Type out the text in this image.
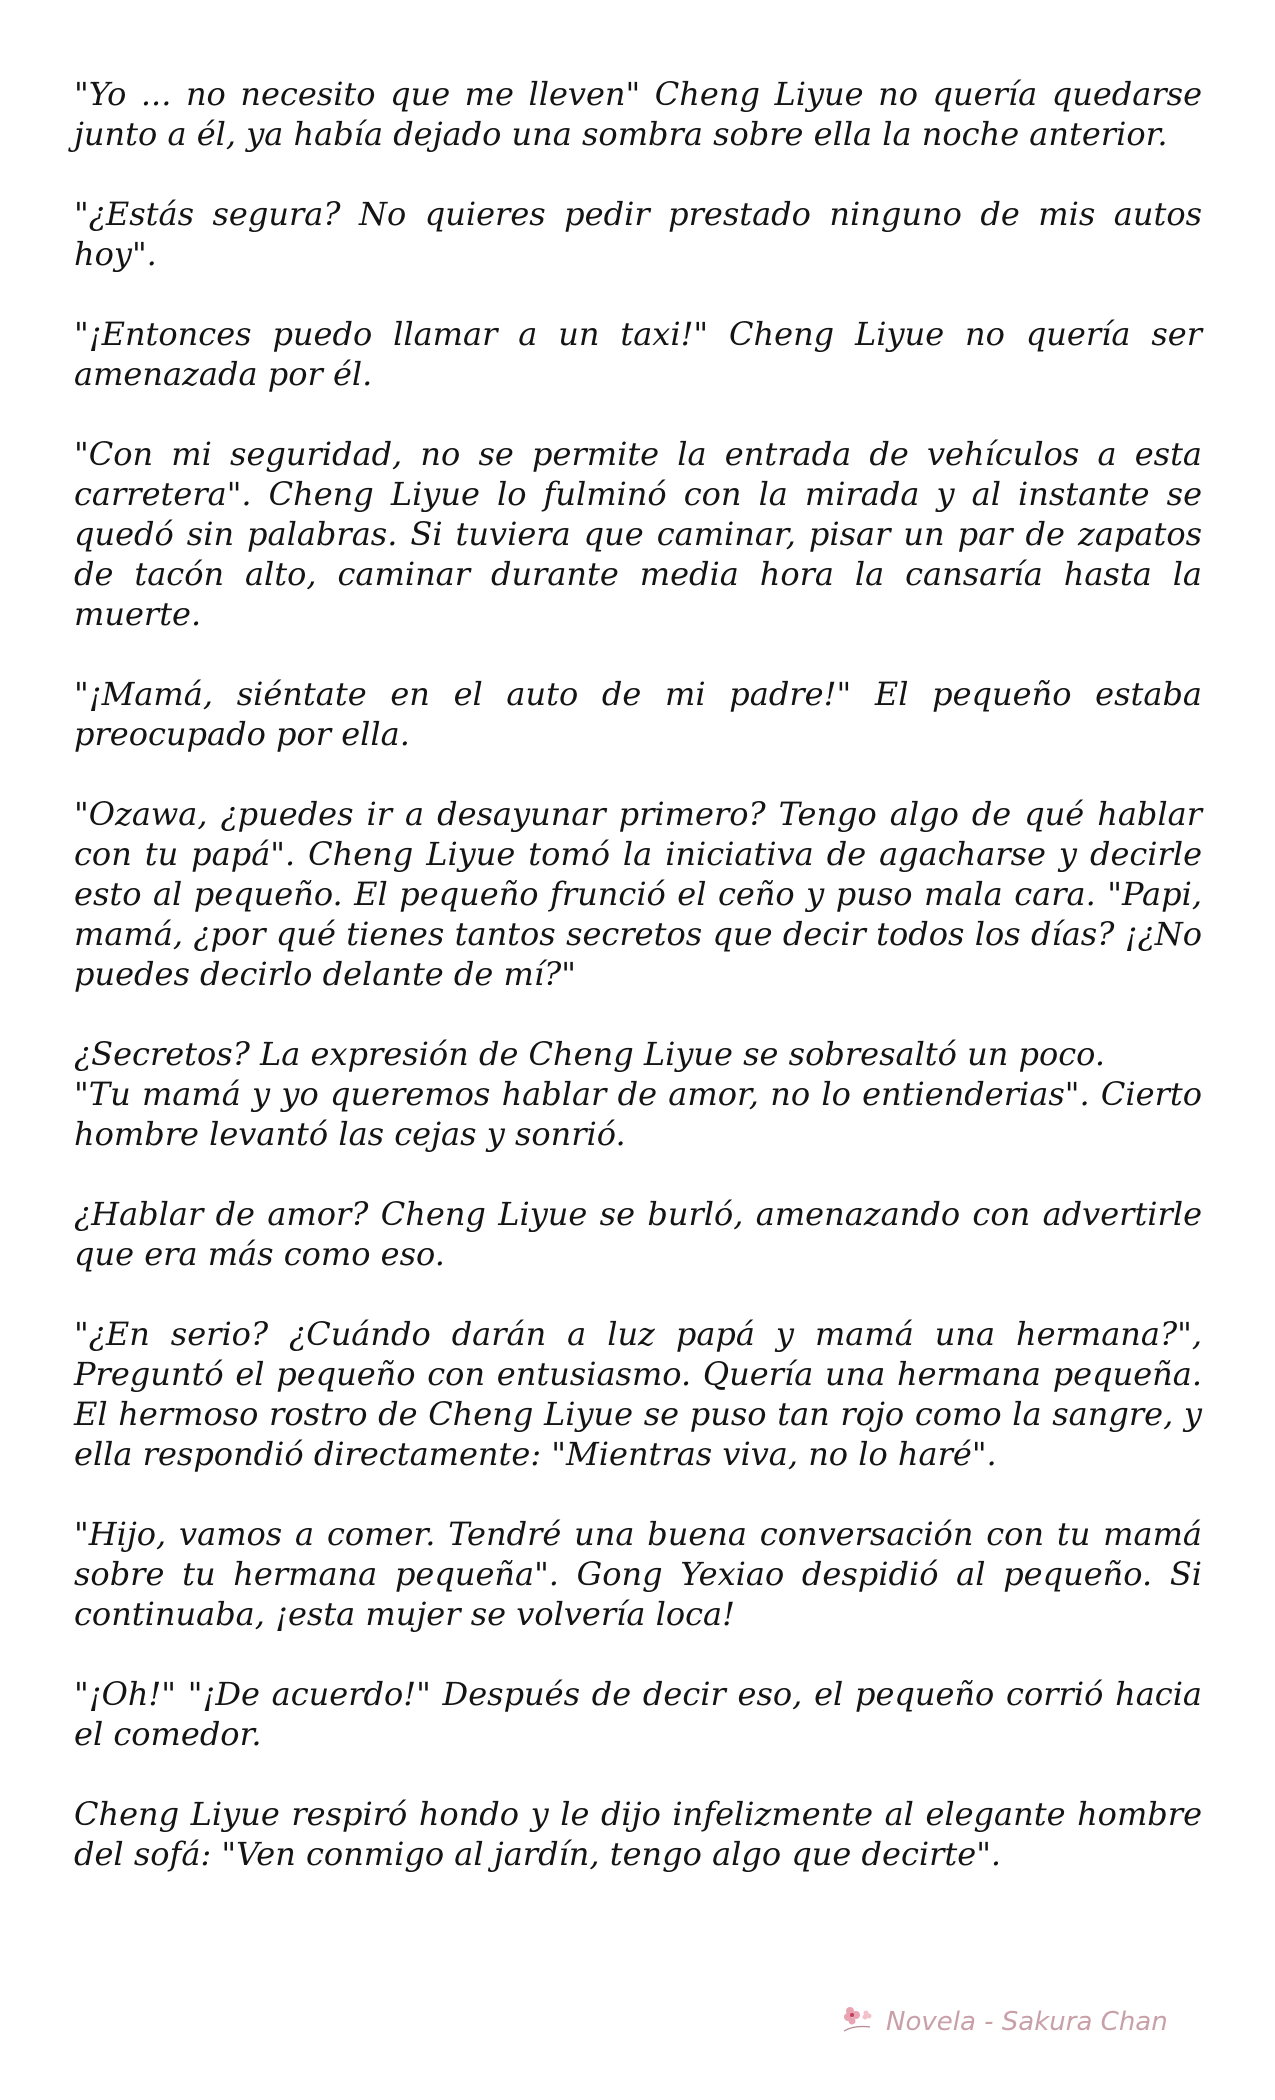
"Yo ... no necesito que me lleven" Cheng Liyue no quería quedarse junto a él, ya había dejado una sombra sobre ella la noche anterior.

"¿Estás segura? No quieres pedir prestado ninguno de mis autos hoy".

"¡Entonces puedo llamar a un taxi!" Cheng Liyue no quería ser amenazada por él.

"Con mi seguridad, no se permite la entrada de vehículos a esta carretera". Cheng Liyue lo fulminó con la mirada y al instante se quedó sin palabras. Si tuviera que caminar, pisar un par de zapatos de tacón alto, caminar durante media hora la cansaría hasta la muerte.

"¡Mamá, siéntate en el auto de mi padre!" El pequeño estaba preocupado por ella.

"Ozawa, ¿puedes ir a desayunar primero? Tengo algo de qué hablar con tu papá". Cheng Liyue tomó la iniciativa de agacharse y decirle esto al pequeño. El pequeño frunció el ceño y puso mala cara. "Papi, mamá, ¿por qué tienes tantos secretos que decir todos los días? ¡¿No puedes decirlo delante de mí?"

¿Secretos? La expresión de Cheng Liyue se sobresaltó un poco.
"Tu mamá y yo queremos hablar de amor, no lo entienderias". Cierto hombre levantó las cejas y sonrió.

¿Hablar de amor? Cheng Liyue se burló, amenazando con advertirle que era más como eso.

"¿En serio? ¿Cuándo darán a luz papá y mamá una hermana?", Preguntó el pequeño con entusiasmo. Quería una hermana pequeña. El hermoso rostro de Cheng Liyue se puso tan rojo como la sangre, y ella respondió directamente: "Mientras viva, no lo haré".

"Hijo, vamos a comer. Tendré una buena conversación con tu mamá sobre tu hermana pequeña". Gong Yexiao despidió al pequeño. Si continuaba, ¡esta mujer se volvería loca!

"¡Oh!" "¡De acuerdo!" Después de decir eso, el pequeño corrió hacia el comedor.

Cheng Liyue respiró hondo y le dijo infelizmente al elegante hombre del sofá: "Ven conmigo al jardín, tengo algo que decirte".

Novela - Sakura Chan
